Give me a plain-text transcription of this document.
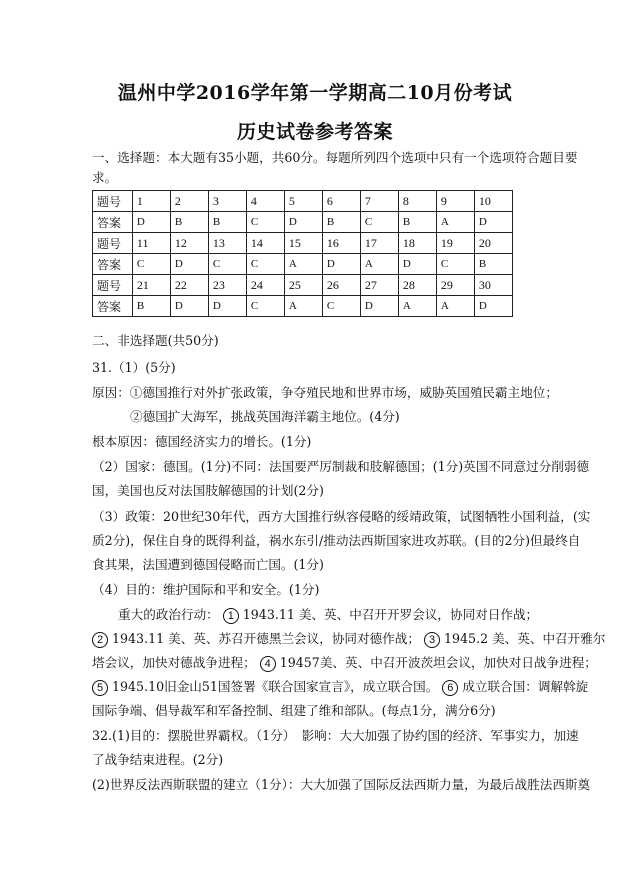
温州中学2016学年第一学期高二10月份考试
历史试卷参考答案
一、选择题：本大题有35小题，共60分。每题所列四个选项中只有一个选项符合题目要
求。
题号	1	2	3	4	5	6	7	8	9	10
答案	D	B	B	C	D	B	C	B	A	D
题号	11	12	13	14	15	16	17	18	19	20
答案	C	D	C	C	A	D	A	D	C	B
题号	21	22	23	24	25	26	27	28	29	30
答案	B	D	D	C	A	C	D	A	A	D
二、非选择题(共50分)
31.（1）(5分)
原因：①德国推行对外扩张政策，争夺殖民地和世界市场，威胁英国殖民霸主地位；
②德国扩大海军，挑战英国海洋霸主地位。(4分)
根本原因：德国经济实力的增长。(1分)
（2）国家：德国。(1分)不同：法国要严厉制裁和肢解德国；(1分)英国不同意过分削弱德
国，美国也反对法国肢解德国的计划(2分)
（3）政策：20世纪30年代，西方大国推行纵容侵略的绥靖政策，试图牺牲小国利益，(实
质2分)，保住自身的既得利益，祸水东引/推动法西斯国家进攻苏联。(目的2分)但最终自
食其果，法国遭到德国侵略而亡国。(1分)
（4）目的：维护国际和平和安全。(1分)
重大的政治行动： 1 1943.11 美、英、中召开开罗会议，协同对日作战；
2 1943.11 美、英、苏召开德黑兰会议，协同对德作战； 3 1945.2 美、英、中召开雅尔
塔会议，加快对德战争进程； 4 19457美、英、中召开波茨坦会议，加快对日战争进程；
5 1945.10旧金山51国签署《联合国家宣言》，成立联合国。 6 成立联合国：调解斡旋
国际争端、倡导裁军和军备控制、组建了维和部队。(每点1分，满分6分)
32.(1)目的：摆脱世界霸权。（1分）　影响：大大加强了协约国的经济、军事实力，加速
了战争结束进程。(2分)
(2)世界反法西斯联盟的建立（1分）：大大加强了国际反法西斯力量，为最后战胜法西斯奠
